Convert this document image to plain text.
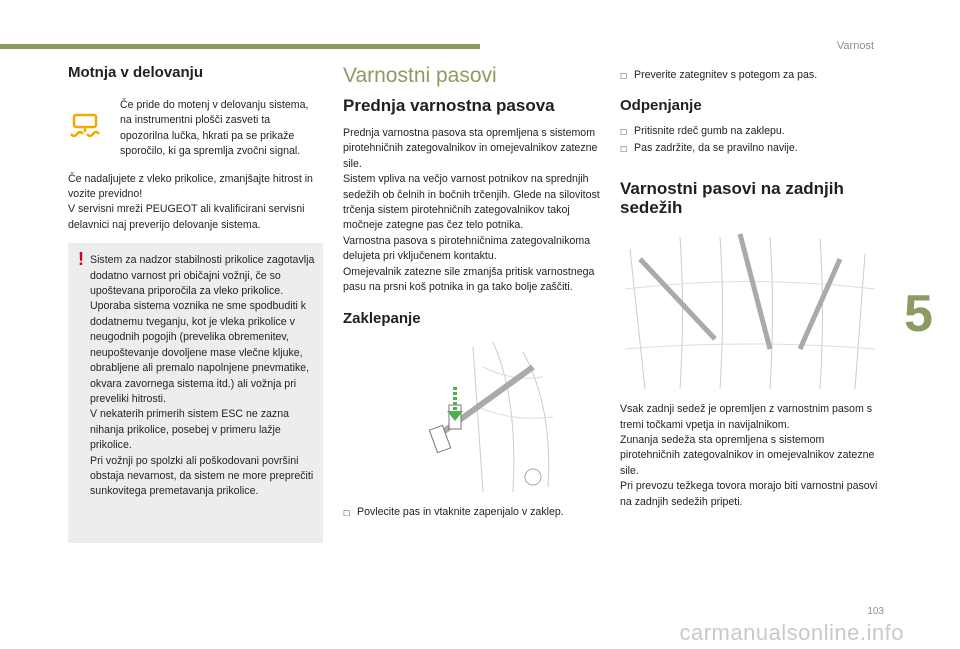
Varnost
5
103
carmanualsonline.info
Motnja v delovanju
Če pride do motenj v delovanju sistema, na instrumentni plošči zasveti ta opozorilna lučka, hkrati pa se prikaže sporočilo, ki ga spremlja zvočni signal.
Če nadaljujete z vleko prikolice, zmanjšajte hitrost in vozite previdno!
V servisni mreži PEUGEOT ali kvalificirani servisni delavnici naj preverijo delovanje sistema.
! Sistem za nadzor stabilnosti prikolice zagotavlja dodatno varnost pri običajni vožnji, če so upoštevana priporočila za vleko prikolice. Uporaba sistema voznika ne sme spodbuditi k dodatnemu tveganju, kot je vleka prikolice v neugodnih pogojih (prevelika obremenitev, neupoštevanje dovoljene mase vlečne kljuke, obrabljene ali premalo napolnjene pnevmatike, okvara zavornega sistema itd.) ali vožnja pri preveliki hitrosti.
V nekaterih primerih sistem ESC ne zazna nihanja prikolice, posebej v primeru lažje prikolice.
Pri vožnji po spolzki ali poškodovani površini obstaja nevarnost, da sistem ne more preprečiti sunkovitega premetavanja prikolice.
Varnostni pasovi
Prednja varnostna pasova
Prednja varnostna pasova sta opremljena s sistemom pirotehničnih zategovalnikov in omejevalnikov zatezne sile.
Sistem vpliva na večjo varnost potnikov na sprednjih sedežih ob čelnih in bočnih trčenjih. Glede na silovitost trčenja sistem pirotehničnih zategovalnikov takoj močneje zategne pas čez telo potnika.
Varnostna pasova s pirotehničnima zategovalnikoma delujeta pri vključenem kontaktu.
Omejevalnik zatezne sile zmanjša pritisk varnostnega pasu na prsni koš potnika in ga tako bolje zaščiti.
Zaklepanje
☐ Povlecite pas in vtaknite zapenjalo v zaklep.
☐ Preverite zategnitev s potegom za pas.
Odpenjanje
☐ Pritisnite rdeč gumb na zaklepu.
☐ Pas zadržite, da se pravilno navije.
Varnostni pasovi na zadnjih sedežih
Vsak zadnji sedež je opremljen z varnostnim pasom s tremi točkami vpetja in navijalnikom.
Zunanja sedeža sta opremljena s sistemom pirotehničnih zategovalnikov in omejevalnikov zatezne sile.
Pri prevozu težkega tovora morajo biti varnostni pasovi na zadnjih sedežih pripeti.
